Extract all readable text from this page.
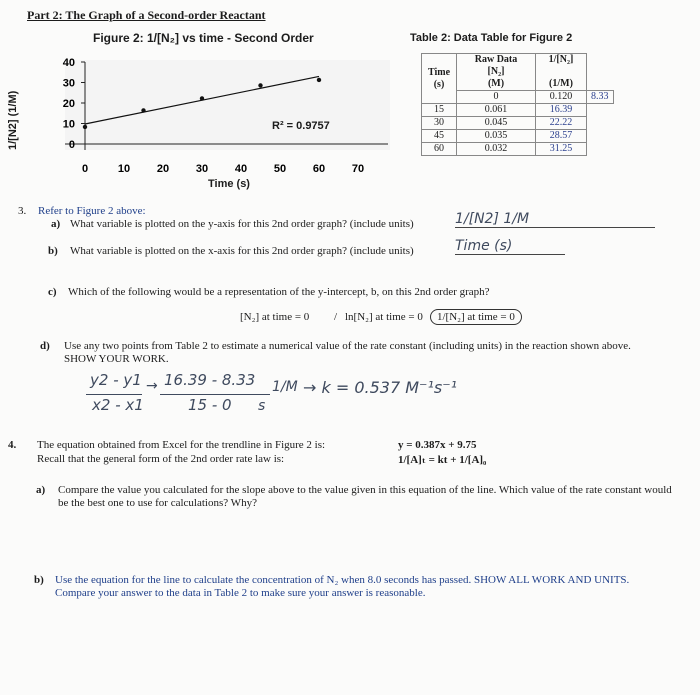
Part 2: The Graph of a Second-order Reactant
Figure 2: 1/[N₂] vs time - Second Order
0
10
20
30
40
0	10 20 30 40 50 60 70
1/[N2] (1/M)
Time (s)
R² = 0.9757
Table 2: Data Table for Figure 2
Time
(s)	Raw Data
[N₂]
(M)	1/[N₂]

(1/M)	
	0	0.120	8.33
15	0.061	16.39	
30	0.045	22.22	
45	0.035	28.57	
60	0.032	31.25	
3. Refer to Figure 2 above:
a) What variable is plotted on the y-axis for this 2nd order graph? (include units)	1/[N2] 1/M
b) What variable is plotted on the x-axis for this 2nd order graph? (include units)	Time (s)
c) Which of the following would be a representation of the y-intercept, b, on this 2nd order graph?
[N₂] at time = 0 / ln[N₂] at time = 0	1/[N₂] at time = 0
d) Use any two points from Table 2 to estimate a numerical value of the rate constant (including units) in the reaction shown above. SHOW YOUR WORK.
y2 - y1
x2 - x1
→ 16.39 - 8.33
15 - 0
1/M
s
→ k = 0.537 M⁻¹s⁻¹
4. The equation obtained from Excel for the trendline in Figure 2 is:	y = 0.387x + 9.75
Recall that the general form of the 2nd order rate law is:	1/[A]ₜ = kt + 1/[A]₀
a) Compare the value you calculated for the slope above to the value given in this equation of the line. Which value of the rate constant would be the best one to use for calculations? Why?
b) Use the equation for the line to calculate the concentration of N₂ when 8.0 seconds has passed. SHOW ALL WORK AND UNITS. Compare your answer to the data in Table 2 to make sure your answer is reasonable.
